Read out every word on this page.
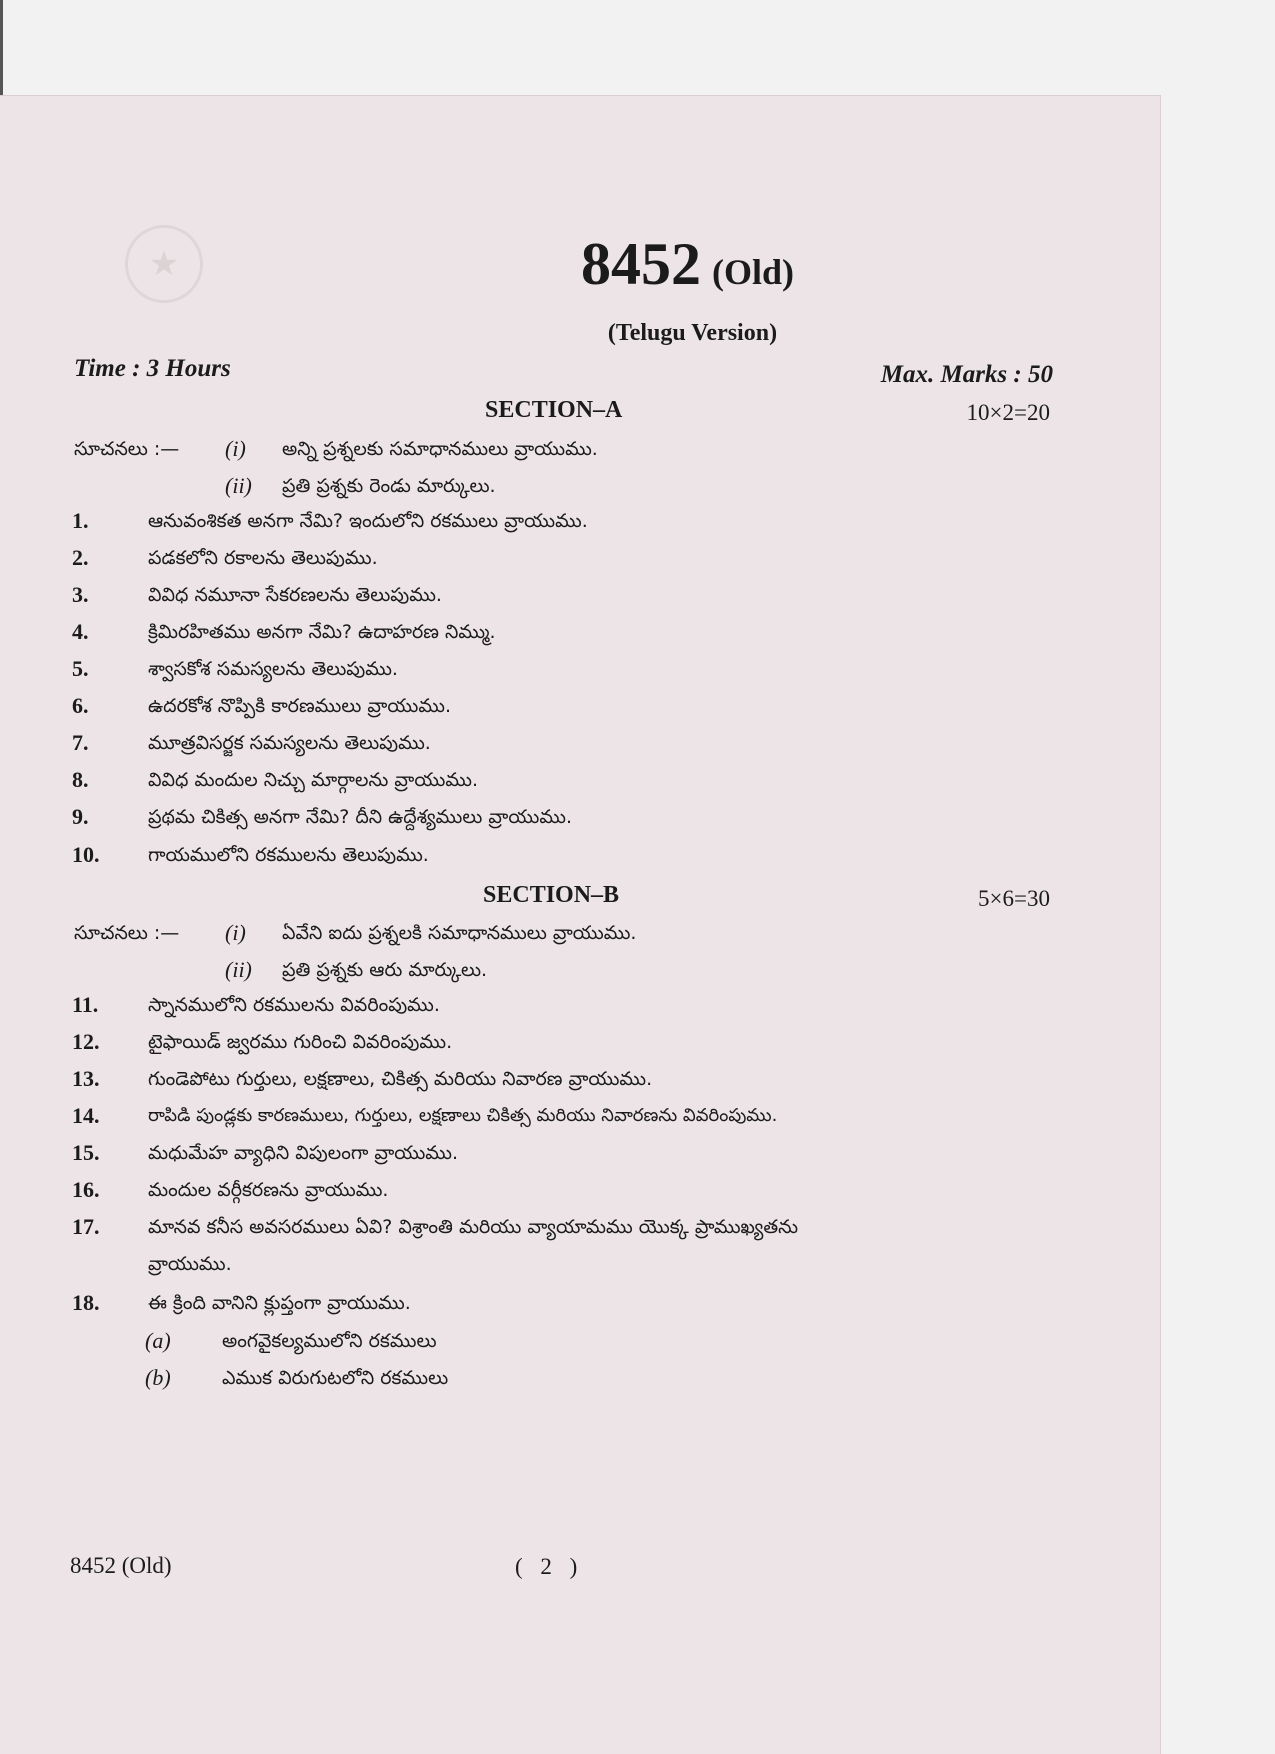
★	8452 (Old)
(Telugu Version)
Time : 3 Hours	Max. Marks : 50
SECTION–A	10×2=20
సూచనలు :— (i) అన్ని ప్రశ్నలకు సమాధానములు వ్రాయుము.
(ii) ప్రతి ప్రశ్నకు రెండు మార్కులు.
1.	ఆనువంశికత అనగా నేమి? ఇందులోని రకములు వ్రాయుము.
2.	పడకలోని రకాలను తెలుపుము.
3.	వివిధ నమూనా సేకరణలను తెలుపుము.
4.	క్రిమిరహితము అనగా నేమి? ఉదాహరణ నిమ్ము.
5.	శ్వాసకోశ సమస్యలను తెలుపుము.
6.	ఉదరకోశ నొప్పికి కారణములు వ్రాయుము.
7.	మూత్రవిసర్జక సమస్యలను తెలుపుము.
8.	వివిధ మందుల నిచ్చు మార్గాలను వ్రాయుము.
9.	ప్రథమ చికిత్స అనగా నేమి? దీని ఉద్దేశ్యములు వ్రాయుము.
10.	గాయములోని రకములను తెలుపుము.
SECTION–B	5×6=30
సూచనలు :— (i) ఏవేని ఐదు ప్రశ్నలకి సమాధానములు వ్రాయుము.
(ii) ప్రతి ప్రశ్నకు ఆరు మార్కులు.
11.	స్నానములోని రకములను వివరింపుము.
12.	టైఫాయిడ్ జ్వరము గురించి వివరింపుము.
13.	గుండెపోటు గుర్తులు, లక్షణాలు, చికిత్స మరియు నివారణ వ్రాయుము.
14.	రాపిడి పుండ్లకు కారణములు, గుర్తులు, లక్షణాలు చికిత్స మరియు నివారణను వివరింపుము.
15.	మధుమేహ వ్యాధిని విపులంగా వ్రాయుము.
16.	మందుల వర్గీకరణను వ్రాయుము.
17.	మానవ కనీస అవసరములు ఏవి? విశ్రాంతి మరియు వ్యాయామము యొక్క ప్రాముఖ్యతను
వ్రాయుము.
18.	ఈ క్రింది వానిని క్లుప్తంగా వ్రాయుము.
(a)	అంగవైకల్యములోని రకములు
(b)	ఎముక విరుగుటలోని రకములు
8452 (Old)	( 2 )
